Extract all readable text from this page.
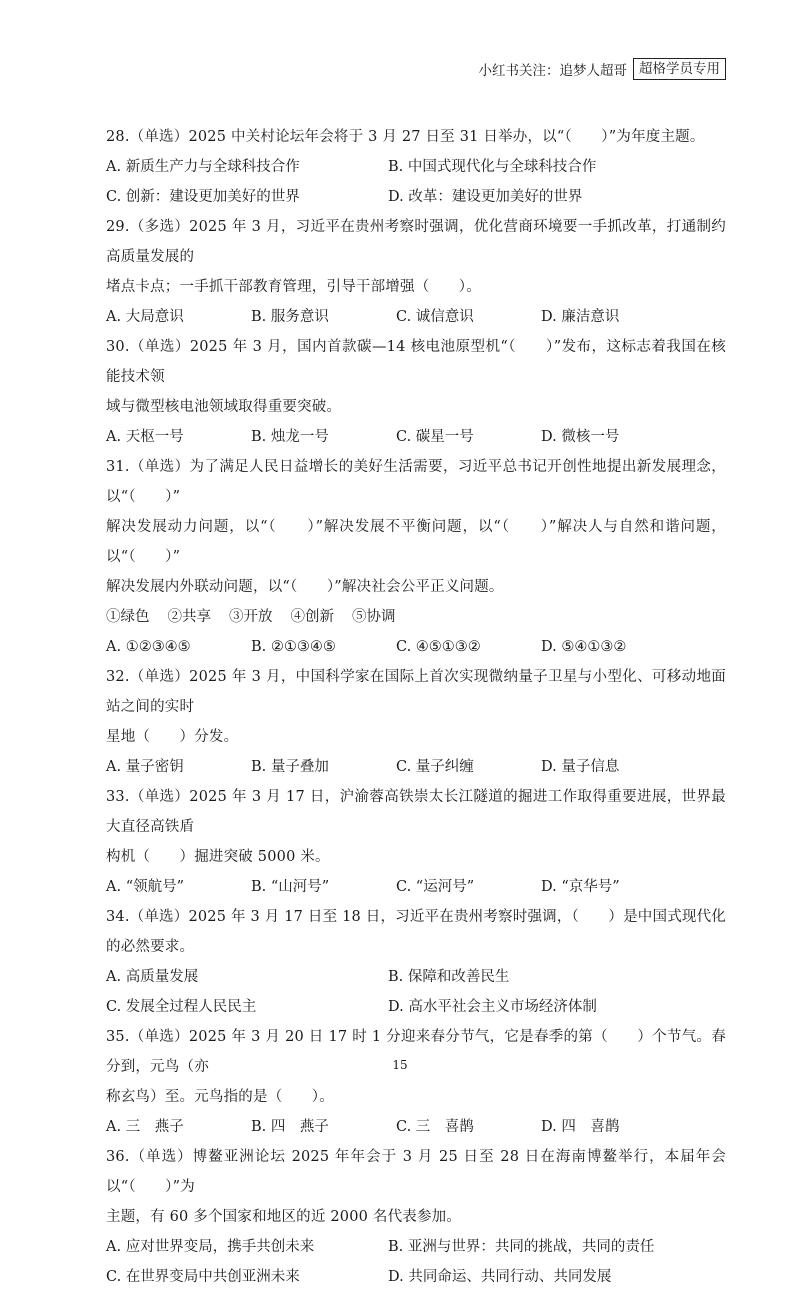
小红书关注：追梦人超哥 超格学员专用
28.（单选）2025 中关村论坛年会将于 3 月 27 日至 31 日举办，以“（　　）”为年度主题。
A. 新质生产力与全球科技合作	B. 中国式现代化与全球科技合作
C. 创新：建设更加美好的世界	D. 改革：建设更加美好的世界
29.（多选）2025 年 3 月，习近平在贵州考察时强调，优化营商环境要一手抓改革，打通制约高质量发展的
堵点卡点；一手抓干部教育管理，引导干部增强（　　）。
A. 大局意识	B. 服务意识	C. 诚信意识	D. 廉洁意识
30.（单选）2025 年 3 月，国内首款碳—14 核电池原型机“（　　）”发布，这标志着我国在核能技术领
域与微型核电池领域取得重要突破。
A. 天枢一号	B. 烛龙一号	C. 碳星一号	D. 微核一号
31.（单选）为了满足人民日益增长的美好生活需要，习近平总书记开创性地提出新发展理念，以“（　　）”
解决发展动力问题，以“（　　）”解决发展不平衡问题，以“（　　）”解决人与自然和谐问题，以“（　　）”
解决发展内外联动问题，以“（　　）”解决社会公平正义问题。
①绿色 ②共享 ③开放 ④创新 ⑤协调
A. ①②③④⑤	B. ②①③④⑤	C. ④⑤①③②	D. ⑤④①③②
32.（单选）2025 年 3 月，中国科学家在国际上首次实现微纳量子卫星与小型化、可移动地面站之间的实时
星地（　　）分发。
A. 量子密钥	B. 量子叠加	C. 量子纠缠	D. 量子信息
33.（单选）2025 年 3 月 17 日，沪渝蓉高铁崇太长江隧道的掘进工作取得重要进展，世界最大直径高铁盾
构机（　　）掘进突破 5000 米。
A. “领航号”	B. “山河号”	C. “运河号”	D. “京华号”
34.（单选）2025 年 3 月 17 日至 18 日，习近平在贵州考察时强调，（　　）是中国式现代化的必然要求。
A. 高质量发展	B. 保障和改善民生
C. 发展全过程人民民主	D. 高水平社会主义市场经济体制
35.（单选）2025 年 3 月 20 日 17 时 1 分迎来春分节气，它是春季的第（　　）个节气。春分到，元鸟（亦
称玄鸟）至。元鸟指的是（　　）。
A. 三　燕子	B. 四　燕子	C. 三　喜鹊	D. 四　喜鹊
36.（单选）博鳌亚洲论坛 2025 年年会于 3 月 25 日至 28 日在海南博鳌举行，本届年会以“（　　）”为
主题，有 60 多个国家和地区的近 2000 名代表参加。
A. 应对世界变局，携手共创未来	B. 亚洲与世界：共同的挑战，共同的责任
C. 在世界变局中共创亚洲未来	D. 共同命运、共同行动、共同发展
15
